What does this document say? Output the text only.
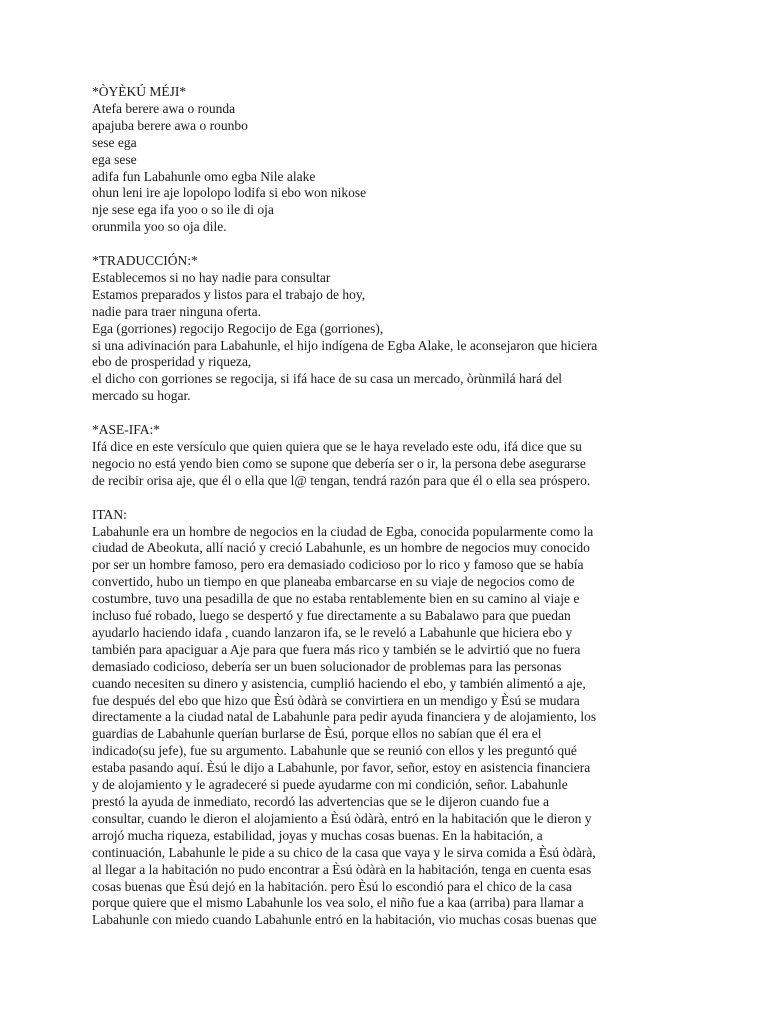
*ÒYÈKÚ MÉJI*
Atefa berere awa o rounda
apajuba berere awa o rounbo
sese ega
ega sese
adifa fun Labahunle omo egba Nile alake
ohun leni ire aje lopolopo lodifa si ebo won nikose
nje sese ega ifa yoo o so ile di oja
orunmila yoo so oja dile.
*TRADUCCIÓN:*
Establecemos si no hay nadie para consultar
Estamos preparados y listos para el trabajo de hoy,
nadie para traer ninguna oferta.
Ega (gorriones) regocijo Regocijo de Ega (gorriones),
si una adivinación para Labahunle, el hijo indígena de Egba Alake, le aconsejaron que hiciera
ebo de prosperidad y riqueza,
el dicho con gorriones se regocija, si ifá hace de su casa un mercado, òrùnmìlá hará del
mercado su hogar.
*ASE-IFA:*
Ifá dice en este versículo que quien quiera que se le haya revelado este odu, ifá dice que su
negocio no está yendo bien como se supone que debería ser o ir, la persona debe asegurarse
de recibir orisa aje, que él o ella que l@ tengan, tendrá razón para que él o ella sea próspero.
ITAN:
Labahunle era un hombre de negocios en la ciudad de Egba, conocida popularmente como la
ciudad de Abeokuta, allí nació y creció Labahunle, es un hombre de negocios muy conocido
por ser un hombre famoso, pero era demasiado codicioso por lo rico y famoso que se había
convertido, hubo un tiempo en que planeaba embarcarse en su viaje de negocios como de
costumbre, tuvo una pesadilla de que no estaba rentablemente bien en su camino al viaje e
incluso fué robado, luego se despertó y fue directamente a su Babalawo para que puedan
ayudarlo haciendo idafa , cuando lanzaron ifa, se le reveló a Labahunle que hiciera ebo y
también para apaciguar a Aje para que fuera más rico y también se le advirtió que no fuera
demasiado codicioso, debería ser un buen solucionador de problemas para las personas
cuando necesiten su dinero y asistencia, cumplió haciendo el ebo, y también alimentó a aje,
fue después del ebo que hizo que Èsú òdàrà se convirtiera en un mendigo y Èsú se mudara
directamente a la ciudad natal de Labahunle para pedir ayuda financiera y de alojamiento, los
guardias de Labahunle querían burlarse de Èsú, porque ellos no sabían que él era el
indicado(su jefe), fue su argumento. Labahunle que se reunió con ellos y les preguntó qué
estaba pasando aquí. Èsú le dijo a Labahunle, por favor, señor, estoy en asistencia financiera
y de alojamiento y le agradeceré si puede ayudarme con mi condición, señor. Labahunle
prestó la ayuda de inmediato, recordó las advertencias que se le dijeron cuando fue a
consultar, cuando le dieron el alojamiento a Èsú òdàrà, entró en la habitación que le dieron y
arrojó mucha riqueza, estabilidad, joyas y muchas cosas buenas. En la habitación, a
continuación, Labahunle le pide a su chico de la casa que vaya y le sirva comida a Èsú òdàrà,
al llegar a la habitación no pudo encontrar a Èsú òdàrà en la habitación, tenga en cuenta esas
cosas buenas que Èsú dejó en la habitación. pero Èsú lo escondió para el chico de la casa
porque quiere que el mismo Labahunle los vea solo, el niño fue a kaa (arriba) para llamar a
Labahunle con miedo cuando Labahunle entró en la habitación, vio muchas cosas buenas que
